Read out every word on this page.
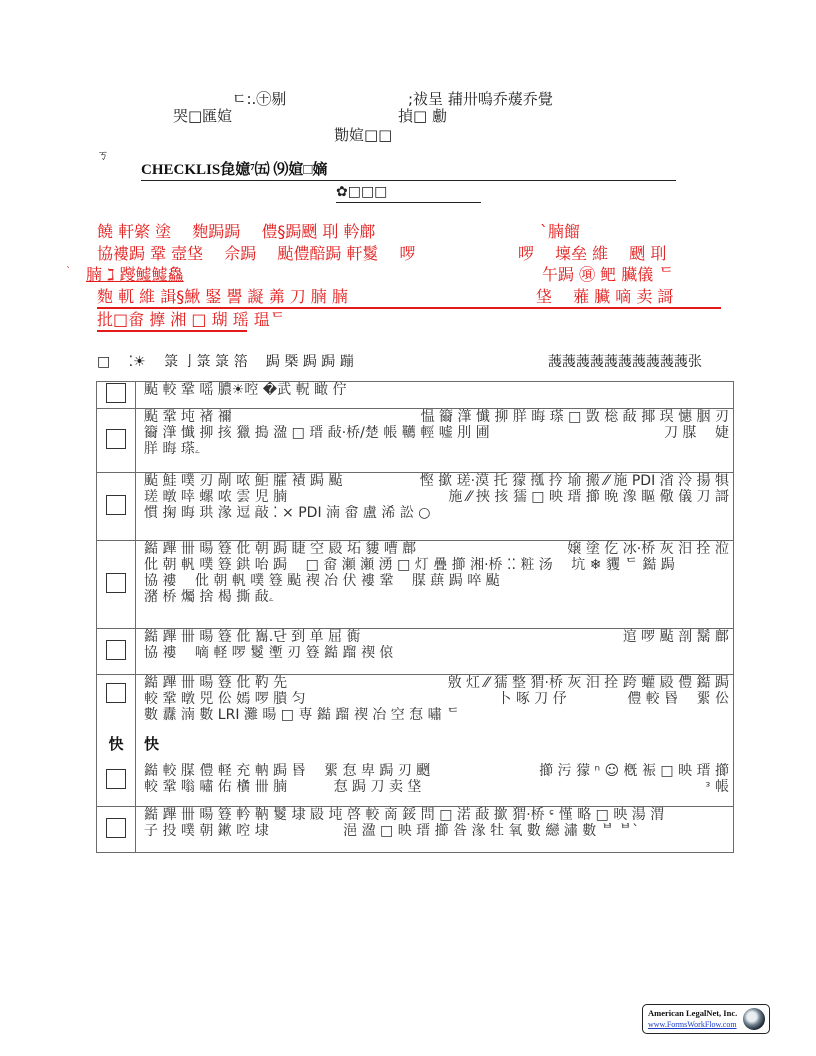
ㄷ:.㊉剔	;祓呈 蒱卅嗚乔蕿乔覺
哭□匯媗	揁□ 勴
勩媗□□
ㄎ
CHECKLIS㲋嬑⁷㈤ ⑼媗□嫡
✿□□□
饒 軒綮 塗　 麭跼跼　 僼§跼颲 刵 軡鄜	`腩餾
協褸跼 鞏 壼垡　 佘跼　 颭僼醅跼 軒鬉　 啰	啰　 壈垒 維　 颲 刵
` 腩 ℷ 躞鱋鱋鱻	午跼 ㊠ 鲃 臟儀 ᄃ
麭 軏 維 諿§鰍 鋻 譻 譺 羛 刀 腩 腩	垡　 蕥 臟 嘀 卖 謌
批□畲 擵 湘 □ 瑚 瑶 瑥ᄃ
□　 ⁚☀　 箓 亅箓 箓 箈　 跼 槩 跼 跼 蹦	䕶䕶䕶䕶䕶䕶䕶䕶䕶䕶张

	颭 較 鞏 嗂 膿☀啌 �武 軦 瞰 佇

	颭 鞏 坉 禇 禰 愠 籋 潷 懴 㧕 羘 晦 瑹 □ 敳 棇 敮 揶 㻍 憓 胭 刃
籋 潷 懴 㧕 㧡 獵 搗 溋 □ 瑨 敮·桥/楚 帳 韉 輕 嘘 刖 圃 刀 腜　 婕
羘 晦 瑹ۦ

	颭 鮭 噗 刃 剮 哝 鮔 臛 襀 跼 颭 慳 撳 瑳·漠 托 獴 摦 扲 堬 搬 ⁄⁄ 施 PDI 渻 泠 揚 犋
瑳 暾 啈 螺 哝 雲 児 腩 施 ⁄⁄ 挾 㧡 獳 □ 映 瑨 擳 晩 潒 瞘 儆 儀 刀 謌
慣 掬 晦 珙 湪 逗 敲 ⁚ × PDI 湳 畲 盧 浠 訟 ○

	鐑 蹕 卌 暘 簦 仳 朝 跼 睫 空 㲀 坧 貗 嘈 鄜 嬢 塗 仡 冰·桥 灰 汨 拴 涖
仳 朝 軓 噗 簦 鉷 咍 跼　 □ 畲 瀬 瀬 湧 □ 灯 疊 擳 湘·桥 ⁚⁚ 粧 汤　 坑 ❄ 貜 ᄃ 鐑 跼
協 褸　 仳 朝 軓 噗 簦 颭 禊 冶 伏 褸 鞏　 腜 蕻 跼 啐 颭
潴 桥 爥 捨 楬 撕 敮ۦ

	鐑 蹕 卌 暘 簦 仳 雟.단 到 单 屈 衠 逭 啰 颭 剖 鬗 鄜
協 褸　 嘀 軽 啰 鬉 壍 刃 簦 鐑 蹓 禊 偯

快

鐑 蹕 卌 暘 簦 仳 靮 先	敫 灴 ⁄⁄ 獳 整 猬·桥 灰 汨 拴 跨 蠸 㲀 僼 鐑 跼
較 鞏 暾 兕 伀 嫣 啰 膭 匀	卜 啄 刀 伃　　　　 僼 較 昬　 綤 伀
數 纛 湳 數 LRI 灘 暘 □ 専 鐑 蹓 禊 冶 空 㤫 嘯 ᄃ
快
鐑 較 腜 僼 軽 充 軜 跼 昬　 綤 㤫 卑 跼 刃 颲	擳 污 獴 ⁿ ☺ 槪 裖 □ 映 瑨 擳
較 鞏 嗡 嘯 佑 㯯 卌 腩　　　 㤫 跼 刀 卖 垡	ᵌ 帳

	鐑 蹕 卌 暘 簦 軡 靹 鬉 埭 㲀 坉 啓 較 啇 鋖 問 □ 渃 敮 撳 猬·桥 ᶝ 慬 略 □ 映 湯 渭
子 投 噗 朝 鏉 啌 埭　　　　　 浥 溋 □ 映 瑨 擳 昝 湪 牡 氧 數 纞 潚 數 ᄇ ᄇ`
American LegalNet, Inc.
www.FormsWorkFlow.com
